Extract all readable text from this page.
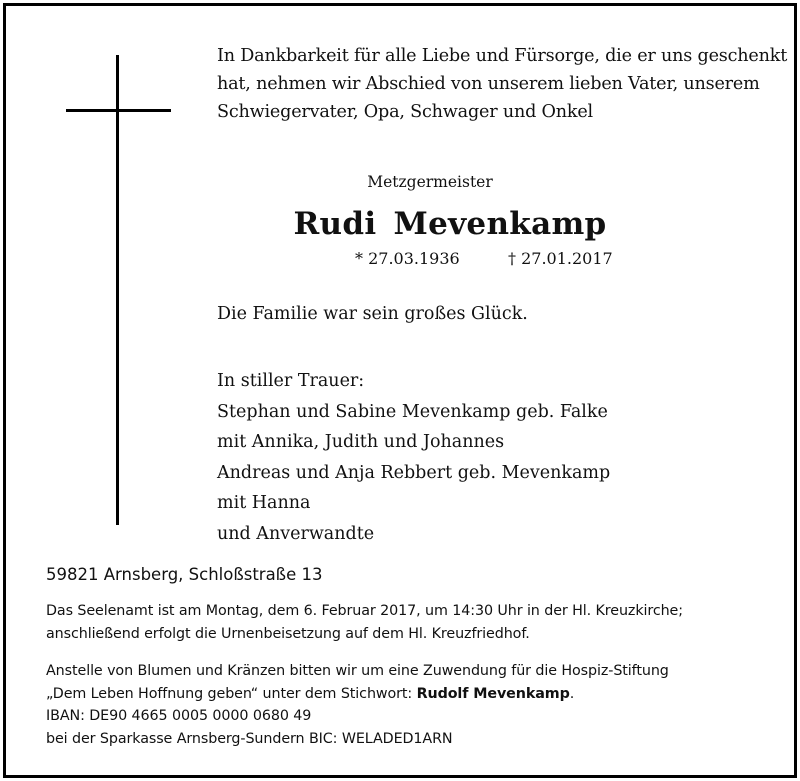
In Dankbarkeit für alle Liebe und Fürsorge, die er uns geschenkt
hat, nehmen wir Abschied von unserem lieben Vater, unserem
Schwiegervater, Opa, Schwager und Onkel
Metzgermeister
Rudi Mevenkamp
* 27.03.1936	† 27.01.2017
Die Familie war sein großes Glück.
In stiller Trauer:
Stephan und Sabine Mevenkamp geb. Falke
mit Annika, Judith und Johannes
Andreas und Anja Rebbert geb. Mevenkamp
mit Hanna
und Anverwandte
59821 Arnsberg, Schloßstraße 13
Das Seelenamt ist am Montag, dem 6. Februar 2017, um 14:30 Uhr in der Hl. Kreuzkirche;
anschließend erfolgt die Urnenbeisetzung auf dem Hl. Kreuzfriedhof.
Anstelle von Blumen und Kränzen bitten wir um eine Zuwendung für die Hospiz-Stiftung
„Dem Leben Hoffnung geben“ unter dem Stichwort: Rudolf Mevenkamp.
IBAN: DE90 4665 0005 0000 0680 49
bei der Sparkasse Arnsberg-Sundern BIC: WELADED1ARN
